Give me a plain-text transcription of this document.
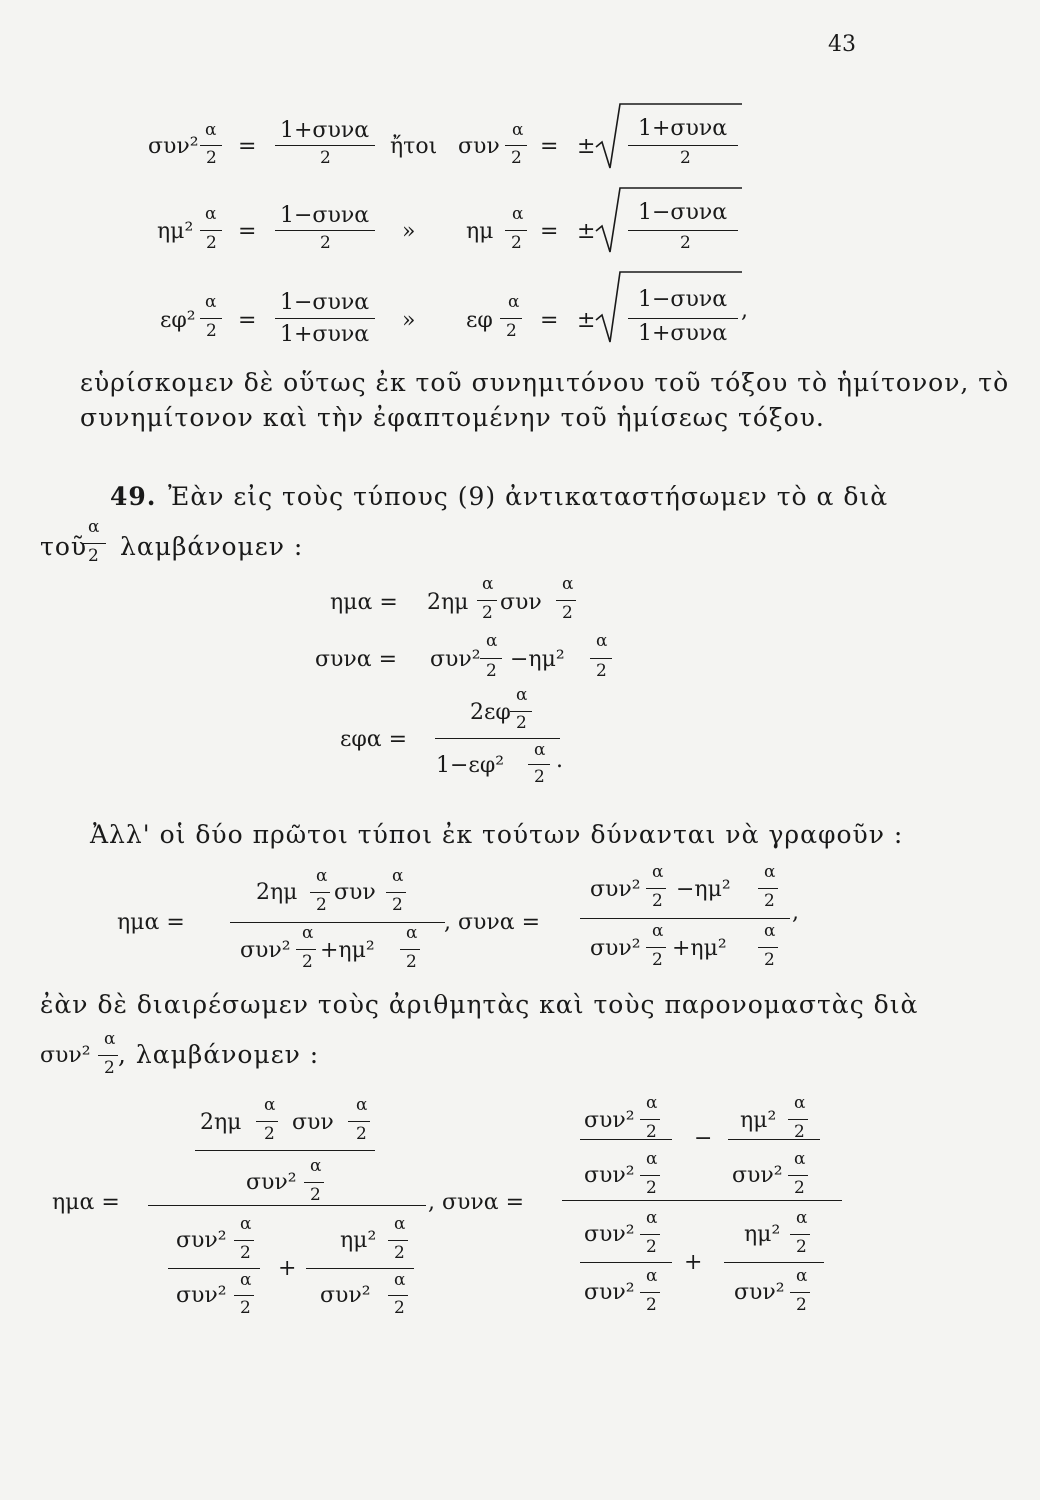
43
συν²
α
2 =
1+συνα
2	ἤτοι συν
α
2 = ±
1+συνα
2
ημ²
α
2 =
1−συνα
2	» ημ
α
2 = ±
1−συνα
2
εφ²
α
2 =
1−συνα
1+συνα
» εφ
α
2 = ±
1−συνα
1+συνα
,
εὑρίσκομεν δὲ οὕτως ἐκ τοῦ συνημιτόνου τοῦ τόξου τὸ ἡμίτονον, τὸ
συνημίτονον καὶ τὴν ἐφαπτομένην τοῦ ἡμίσεως τόξου.
49. Ἐὰν εἰς τοὺς τύπους (9) ἀντικαταστήσωμεν τὸ α διὰ
τοῦ
α
2 λαμβάνομεν :
ημα = 2ημ
α
2 συν
α
2
συνα = συν²
α
2 −ημ²
α
2
εφα =
2εφ
α
2
1−εφ²
α
2
.
Ἀλλ' οἱ δύο πρῶτοι τύποι ἐκ τούτων δύνανται νὰ γραφοῦν :
ημα =
2ημ
α
2 συν
α
2
συν²
α
2 +ημ²
α
2
, συνα =
συν²
α
2 −ημ²
α
2 ,
συν²
α
2 +ημ²
α
2
ἐὰν δὲ διαιρέσωμεν τοὺς ἀριθμητὰς καὶ τοὺς παρονομαστὰς διὰ
συν²
α
2 , λαμβάνομεν :
ημα =
2ημ
α
2 συν
α
2
συν²
α
2
συν²
α
2
συν²
α
2
+
ημ²
α
2
συν²
α
2
, συνα =
συν²
α
2
συν²
α
2
−
ημ²
α
2
συν²
α
2
συν²
α
2
συν²
α
2
+
ημ²
α
2
συν²
α
2
